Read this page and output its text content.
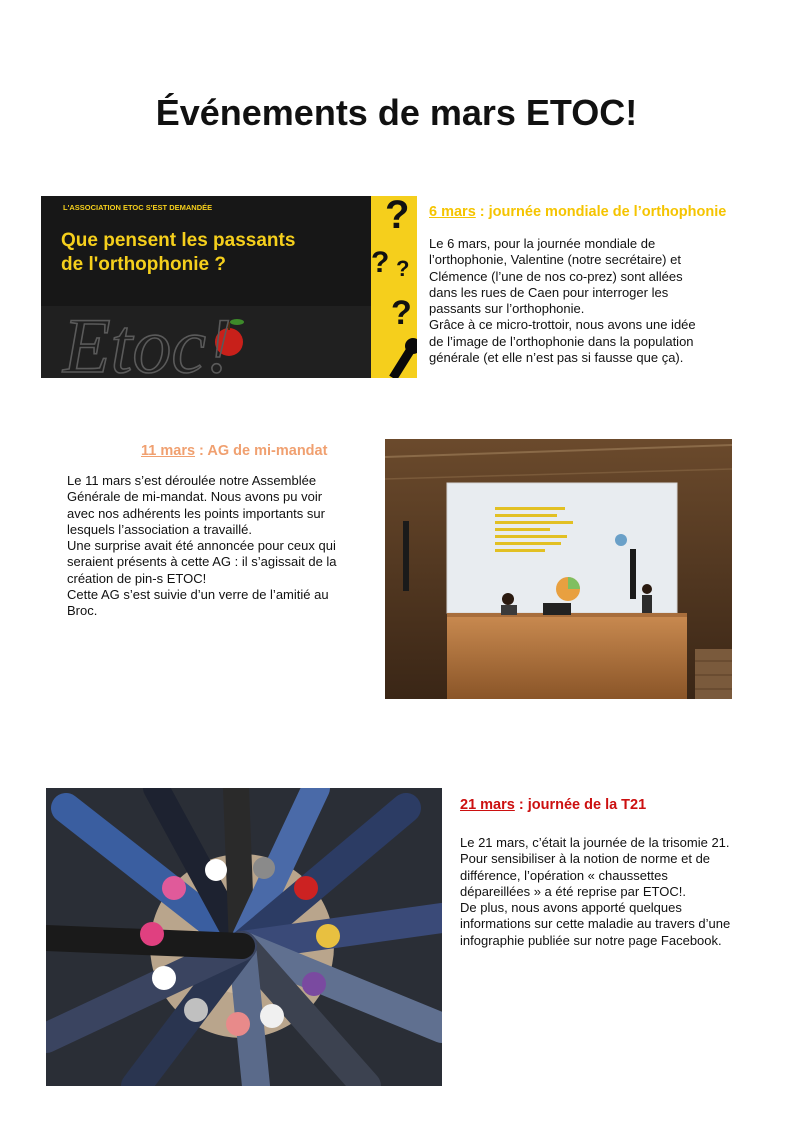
Événements de mars ETOC!
?
? ?
?
L'ASSOCIATION ETOC S'EST DEMANDÉE
Que pensent les passants
de l'orthophonie ?
Etoc!
6 mars : journée mondiale de l’orthophonie
Le 6 mars, pour la journée mondiale de
l’orthophonie, Valentine (notre secrétaire) et
Clémence (l’une de nos co-prez) sont allées
dans les rues de Caen pour interroger les
passants sur l’orthophonie.
Grâce à ce micro-trottoir, nous avons une idée
de l’image de l’orthophonie dans la population
générale (et elle n’est pas si fausse que ça).
11 mars : AG de mi-mandat
Le 11 mars s’est déroulée notre Assemblée
Générale de mi-mandat. Nous avons pu voir
avec nos adhérents les points importants sur
lesquels l’association a travaillé.
Une surprise avait été annoncée pour ceux qui
seraient présents à cette AG : il s’agissait de la
création de pin-s ETOC!
Cette AG s’est suivie d’un verre de l’amitié au
Broc.
21 mars : journée de la T21
Le 21 mars, c’était la journée de la trisomie 21.
Pour sensibiliser à la notion de norme et de
différence, l’opération « chaussettes
dépareillées » a été reprise par ETOC!.
De plus, nous avons apporté quelques
informations sur cette maladie au travers d’une
infographie publiée sur notre page Facebook.
